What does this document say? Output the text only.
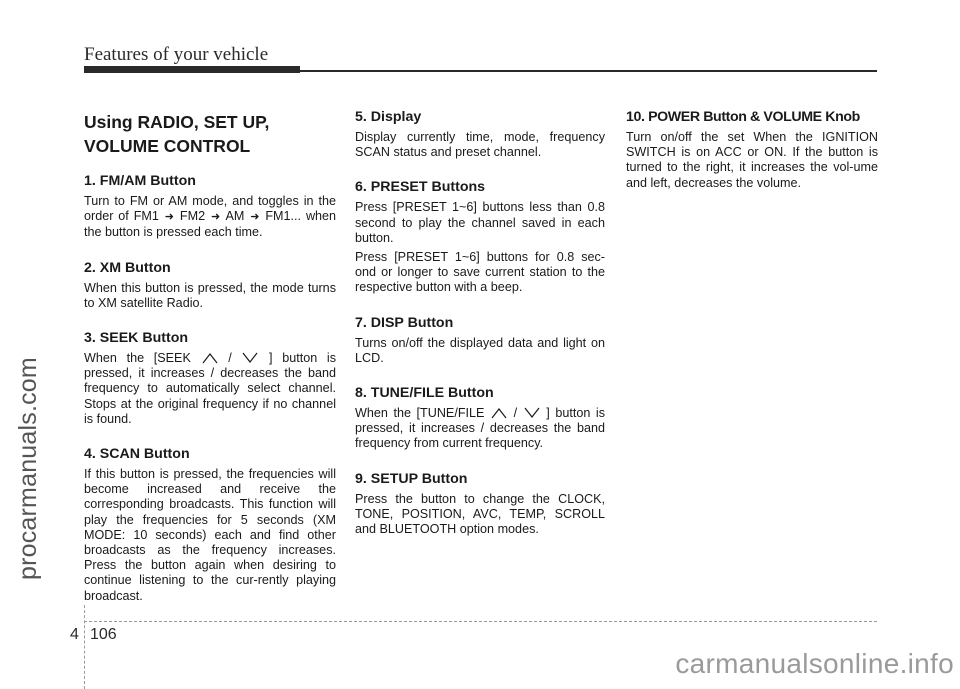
Features of your vehicle
procarmanuals.com
Using RADIO, SET UP, VOLUME CONTROL
1. FM/AM Button
Turn to FM or AM mode, and toggles in the order of FM1 ➜ FM2 ➜ AM ➜ FM1... when the button is pressed each time.
2. XM Button
When this button is pressed, the mode turns to XM satellite Radio.
3. SEEK Button
When the [SEEK	/	] button is pressed, it increases / decreases the band frequency to automatically select channel. Stops at the original frequency if no channel is found.
4. SCAN Button
If this button is pressed, the frequencies will become increased and receive the corresponding broadcasts. This function will play the frequencies for 5 seconds (XM MODE: 10 seconds) each and find other broadcasts as the frequency increases. Press the button again when desiring to continue listening to the cur-rently playing broadcast.
5. Display
Display currently time, mode, frequency SCAN status and preset channel.
6. PRESET Buttons
Press [PRESET 1~6] buttons less than 0.8 second to play the channel saved in each button.
Press [PRESET 1~6] buttons for 0.8 sec-ond or longer to save current station to the respective button with a beep.
7. DISP Button
Turns on/off the displayed data and light on LCD.
8. TUNE/FILE Button
When the [TUNE/FILE / ] button is pressed, it increases / decreases the band frequency from current frequency.
9. SETUP Button
Press the button to change the CLOCK, TONE, POSITION, AVC, TEMP, SCROLL and BLUETOOTH option modes.
10. POWER Button & VOLUME Knob
Turn on/off the set When the IGNITION SWITCH is on ACC or ON. If the button is turned to the right, it increases the vol-ume and left, decreases the volume.
4 106
carmanualsonline.info
